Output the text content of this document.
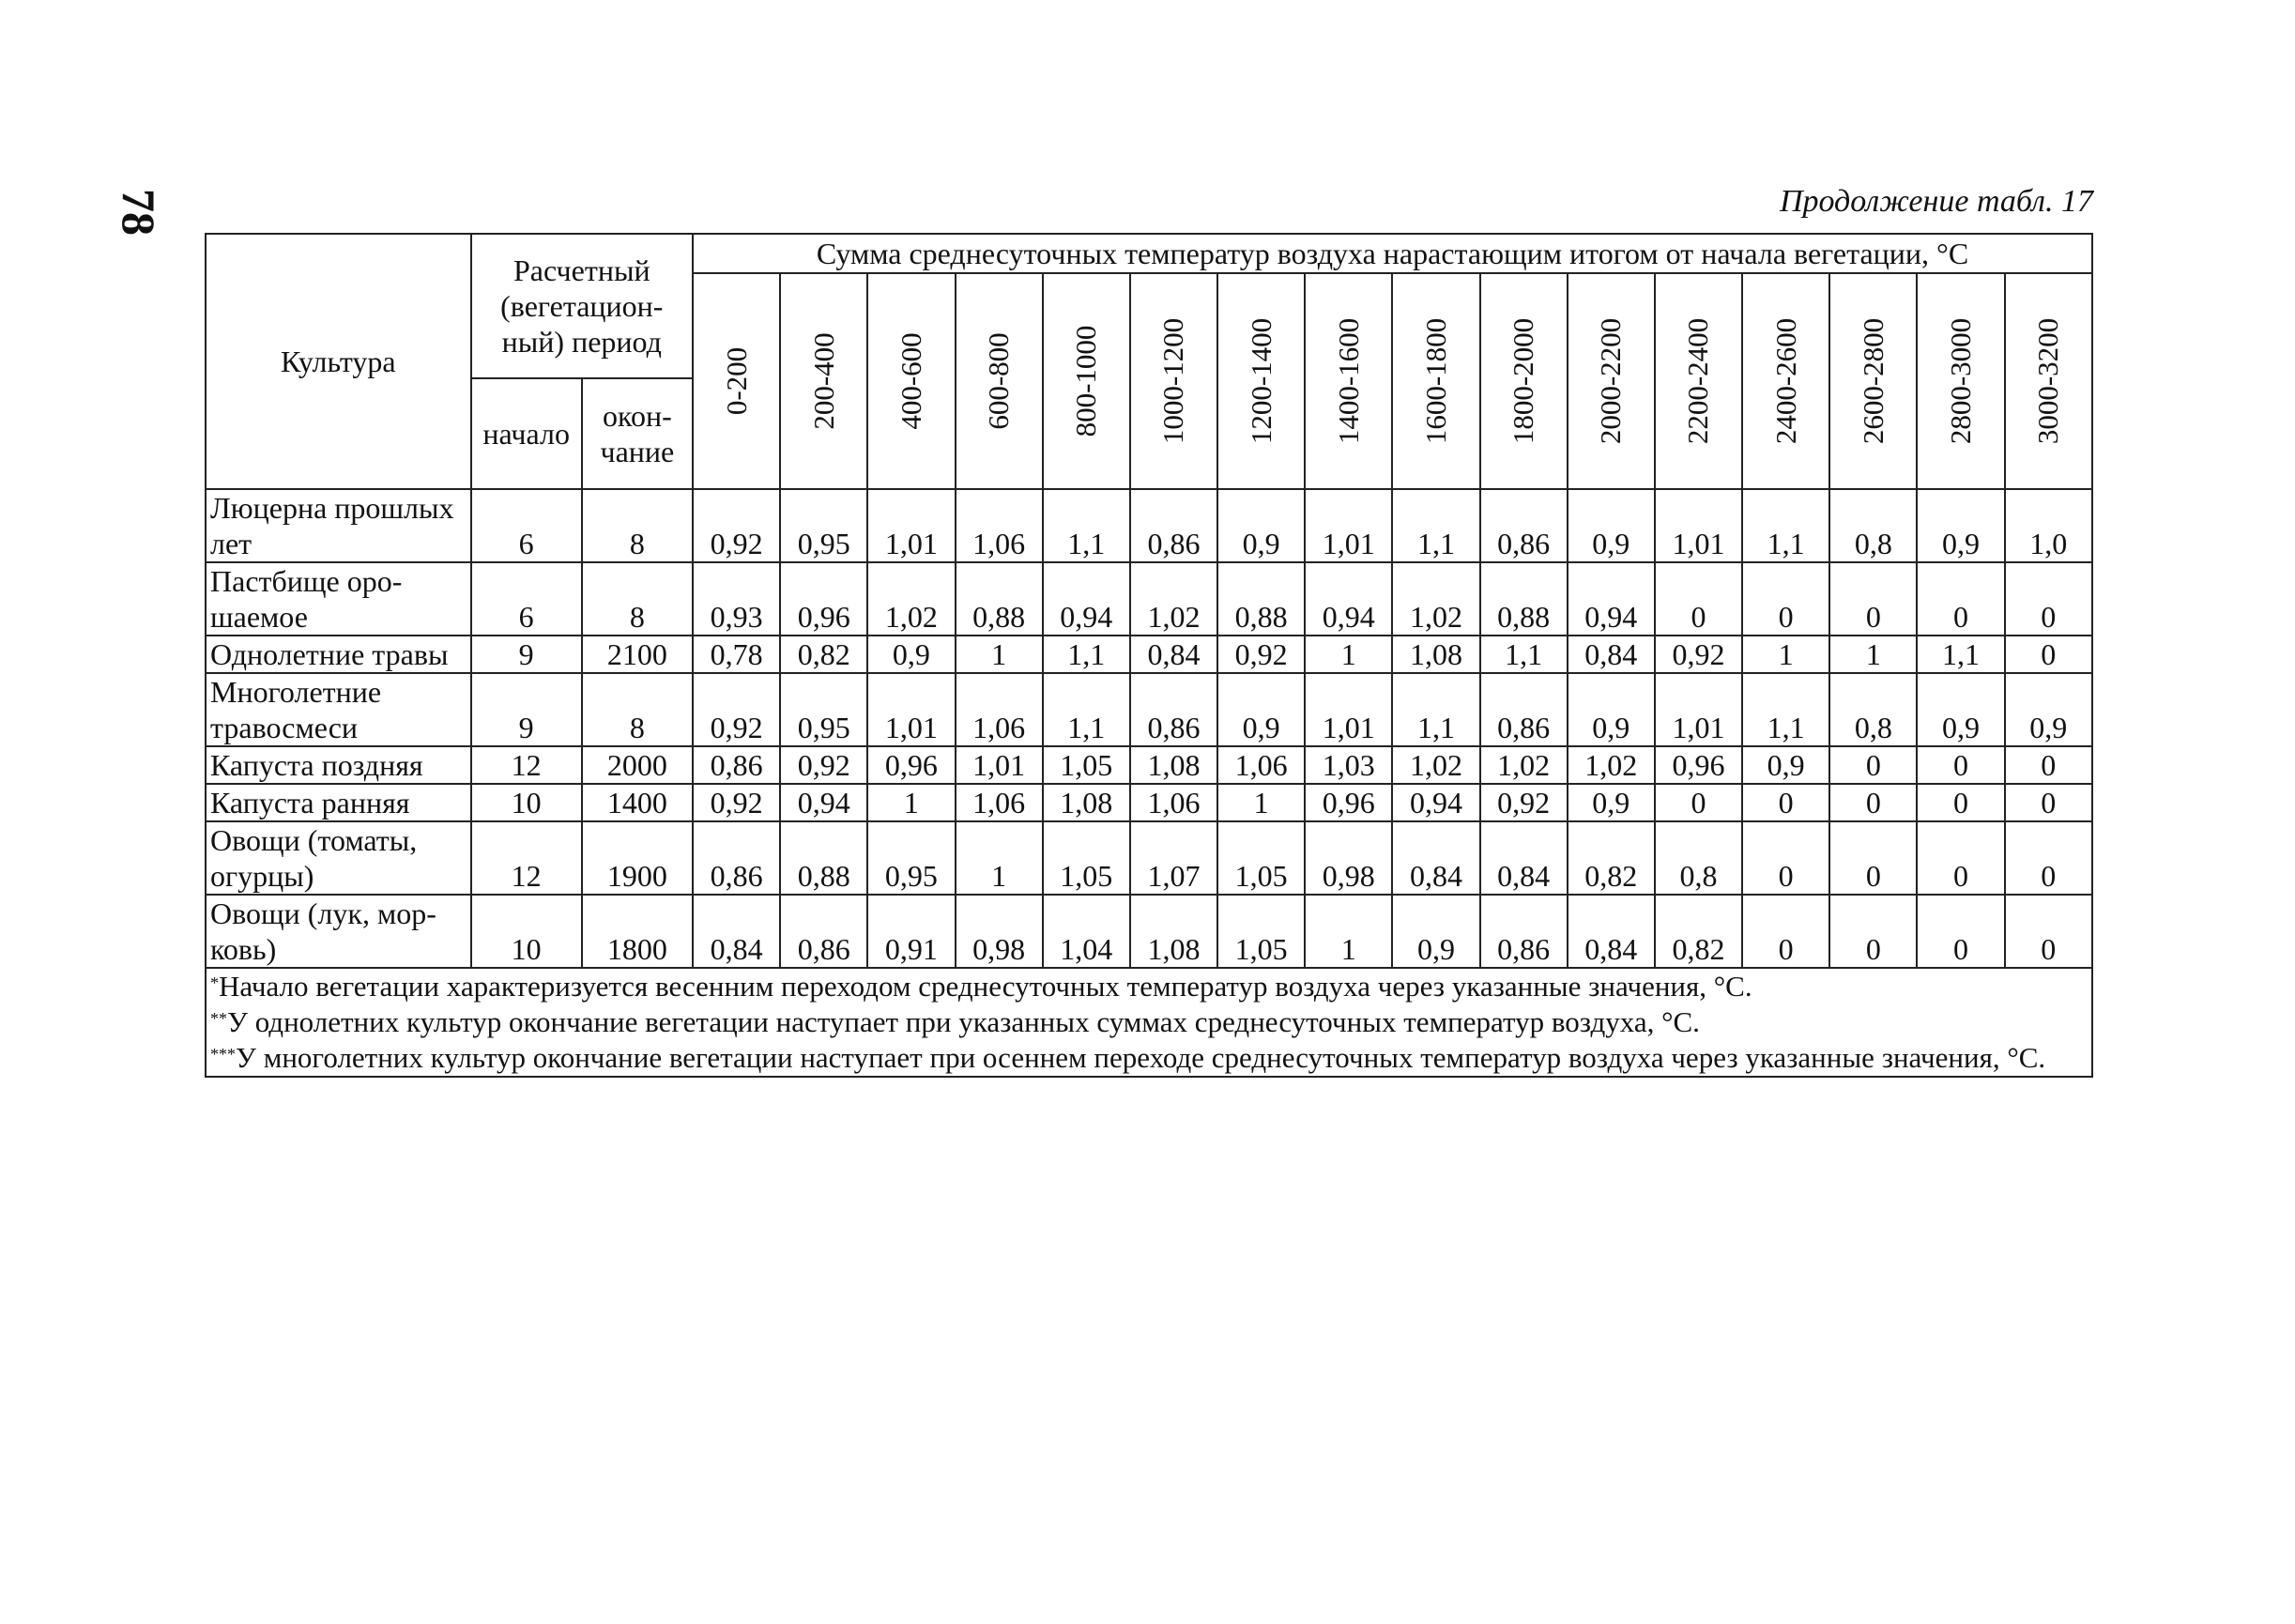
78	Продолжение табл. 17
Культура	Расчетный (вегетацион-ный) период		Сумма среднесуточных температур воздуха нарастающим итогом от начала вегетации, °С															

			0-200	200-400	400-600	600-800	800-1000	1000-1200	1200-1400	1400-1600	1600-1800	1800-2000	2000-2200	2200-2400	2400-2600	2600-2800	2800-3000	3000-3200

	начало	окон-чание																
Люцерна прошлых лет	6	8	0,92	0,95	1,01	1,06	1,1	0,86	0,9	1,01	1,1	0,86	0,9	1,01	1,1	0,8	0,9	1,0
Пастбище оро-шаемое	6	8	0,93	0,96	1,02	0,88	0,94	1,02	0,88	0,94	1,02	0,88	0,94	0	0	0	0	0
Однолетние травы	9	2100	0,78	0,82	0,9	1	1,1	0,84	0,92	1	1,08	1,1	0,84	0,92	1	1	1,1	0
Многолетние травосмеси	9	8	0,92	0,95	1,01	1,06	1,1	0,86	0,9	1,01	1,1	0,86	0,9	1,01	1,1	0,8	0,9	0,9
Капуста поздняя	12	2000	0,86	0,92	0,96	1,01	1,05	1,08	1,06	1,03	1,02	1,02	1,02	0,96	0,9	0	0	0
Капуста ранняя	10	1400	0,92	0,94	1	1,06	1,08	1,06	1	0,96	0,94	0,92	0,9	0	0	0	0	0
Овощи (томаты, огурцы)	12	1900	0,86	0,88	0,95	1	1,05	1,07	1,05	0,98	0,84	0,84	0,82	0,8	0	0	0	0
Овощи (лук, мор-ковь)	10	1800	0,84	0,86	0,91	0,98	1,04	1,08	1,05	1	0,9	0,86	0,84	0,82	0	0	0	0

*Начало вегетации характеризуется весенним переходом среднесуточных температур воздуха через указанные значения, °С.

**У однолетних культур окончание вегетации наступает при указанных суммах среднесуточных температур воздуха, °С.

***У многолетних культур окончание вегетации наступает при осеннем переходе среднесуточных температур воздуха через указанные значения, °С.																		
